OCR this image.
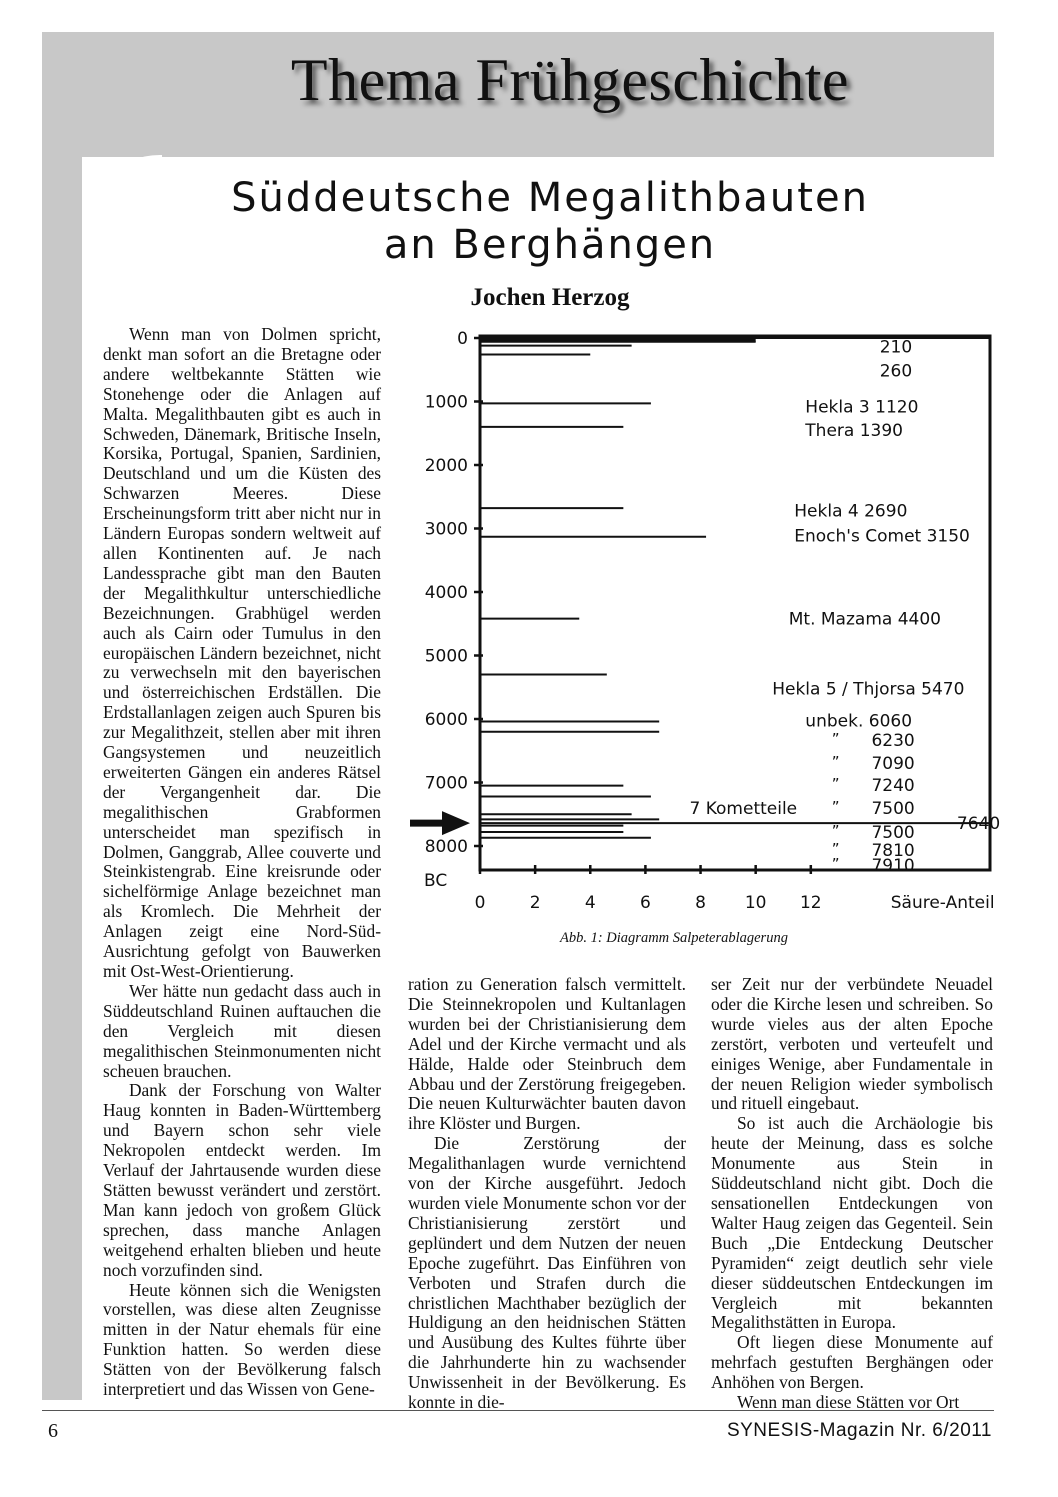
Thema Frühgeschichte
Süddeutsche Megalithbauten
an Berghängen
Jochen Herzog

Wenn man von Dolmen spricht, denkt man sofort an die Bretagne oder andere weltbekannte Stätten wie Stonehenge oder die Anlagen auf Malta. Megalithbauten gibt es auch in Schweden, Dänemark, Britische Inseln, Korsika, Portugal, Spanien, Sardinien, Deutschland und um die Küsten des Schwarzen Meeres. Diese Erscheinungsform tritt aber nicht nur in Ländern Europas sondern weltweit auf allen Kontinenten auf. Je nach Landessprache gibt man den Bauten der Megalithkultur unterschiedliche Bezeichnungen. Grabhügel werden auch als Cairn oder Tumulus in den europäischen Ländern bezeichnet, nicht zu verwechseln mit den bayerischen und österreichischen Erdställen. Die Erdstallanlagen zeigen auch Spuren bis zur Megalithzeit, stellen aber mit ihren Gangsystemen und neuzeitlich erweiterten Gängen ein anderes Rätsel der Vergangenheit dar. Die megalithischen Grabformen unterscheidet man spezifisch in Dolmen, Ganggrab, Allee couverte und Steinkistengrab. Eine kreisrunde oder sichelförmige Anlage bezeichnet man als Kromlech. Die Mehrheit der Anlagen zeigt eine Nord-Süd-Ausrichtung gefolgt von Bauwerken mit Ost-West-Orientierung.

Wer hätte nun gedacht dass auch in Süddeutschland Ruinen auftauchen die den Vergleich mit diesen megalithischen Steinmonumenten nicht scheuen brauchen.

Dank der Forschung von Walter Haug konnten in Baden-Württemberg und Bayern schon sehr viele Nekropolen entdeckt werden. Im Verlauf der Jahrtausende wurden diese Stätten bewusst verändert und zerstört. Man kann jedoch von großem Glück sprechen, dass manche Anlagen weitgehend erhalten blieben und heute noch vorzufinden sind.

Heute können sich die Wenigsten vorstellen, was diese alten Zeugnisse mitten in der Natur ehemals für eine Funktion hatten. So werden diese Stätten von der Bevölkerung falsch interpretiert und das Wissen von Gene-

0
1000
2000
3000
4000
5000
6000
7000
8000
BC
0	2	4	6	8 10 12	Säure-Anteil
”
”
”
”
”
”
”
210
260
Hekla 3 1120
Thera 1390
Hekla 4 2690
Enoch's Comet 3150
Mt. Mazama 4400
Hekla 5 / Thjorsa 5470
unbek. 6060
6230
7090
7240
7 Kometteile	7500
7640
7500
7810
7910
Abb. 1: Diagramm Salpeterablagerung

ration zu Generation falsch vermittelt. Die Steinnekropolen und Kultanlagen wurden bei der Christianisierung dem Adel und der Kirche vermacht und als Hälde, Halde oder Steinbruch dem Abbau und der Zerstörung freigegeben. Die neuen Kulturwächter bauten davon ihre Klöster und Burgen.

Die Zerstörung der Megalithanlagen wurde vernichtend von der Kirche ausgeführt. Jedoch wurden viele Monumente schon vor der Christianisierung zerstört und geplündert und dem Nutzen der neuen Epoche zugeführt. Das Einführen von Verboten und Strafen durch die christlichen Machthaber bezüglich der Huldigung an den heidnischen Stätten und Ausübung des Kultes führte über die Jahrhunderte hin zu wachsender Unwissenheit in der Bevölkerung. Es konnte in die-

ser Zeit nur der verbündete Neuadel oder die Kirche lesen und schreiben. So wurde vieles aus der alten Epoche zerstört, verboten und verteufelt und einiges Wenige, aber Fundamentale in der neuen Religion wieder symbolisch und rituell eingebaut.

So ist auch die Archäologie bis heute der Meinung, dass es solche Monumente aus Stein in Süddeutschland nicht gibt. Doch die sensationellen Entdeckungen von Walter Haug zeigen das Gegenteil. Sein Buch „Die Entdeckung Deutscher Pyramiden“ zeigt deutlich sehr viele dieser süddeutschen Entdeckungen im Vergleich mit bekannten Megalithstätten in Europa.

Oft liegen diese Monumente auf mehrfach gestuften Berghängen oder Anhöhen von Bergen.

Wenn man diese Stätten vor Ort

6	SYNESIS-Magazin Nr. 6/2011
